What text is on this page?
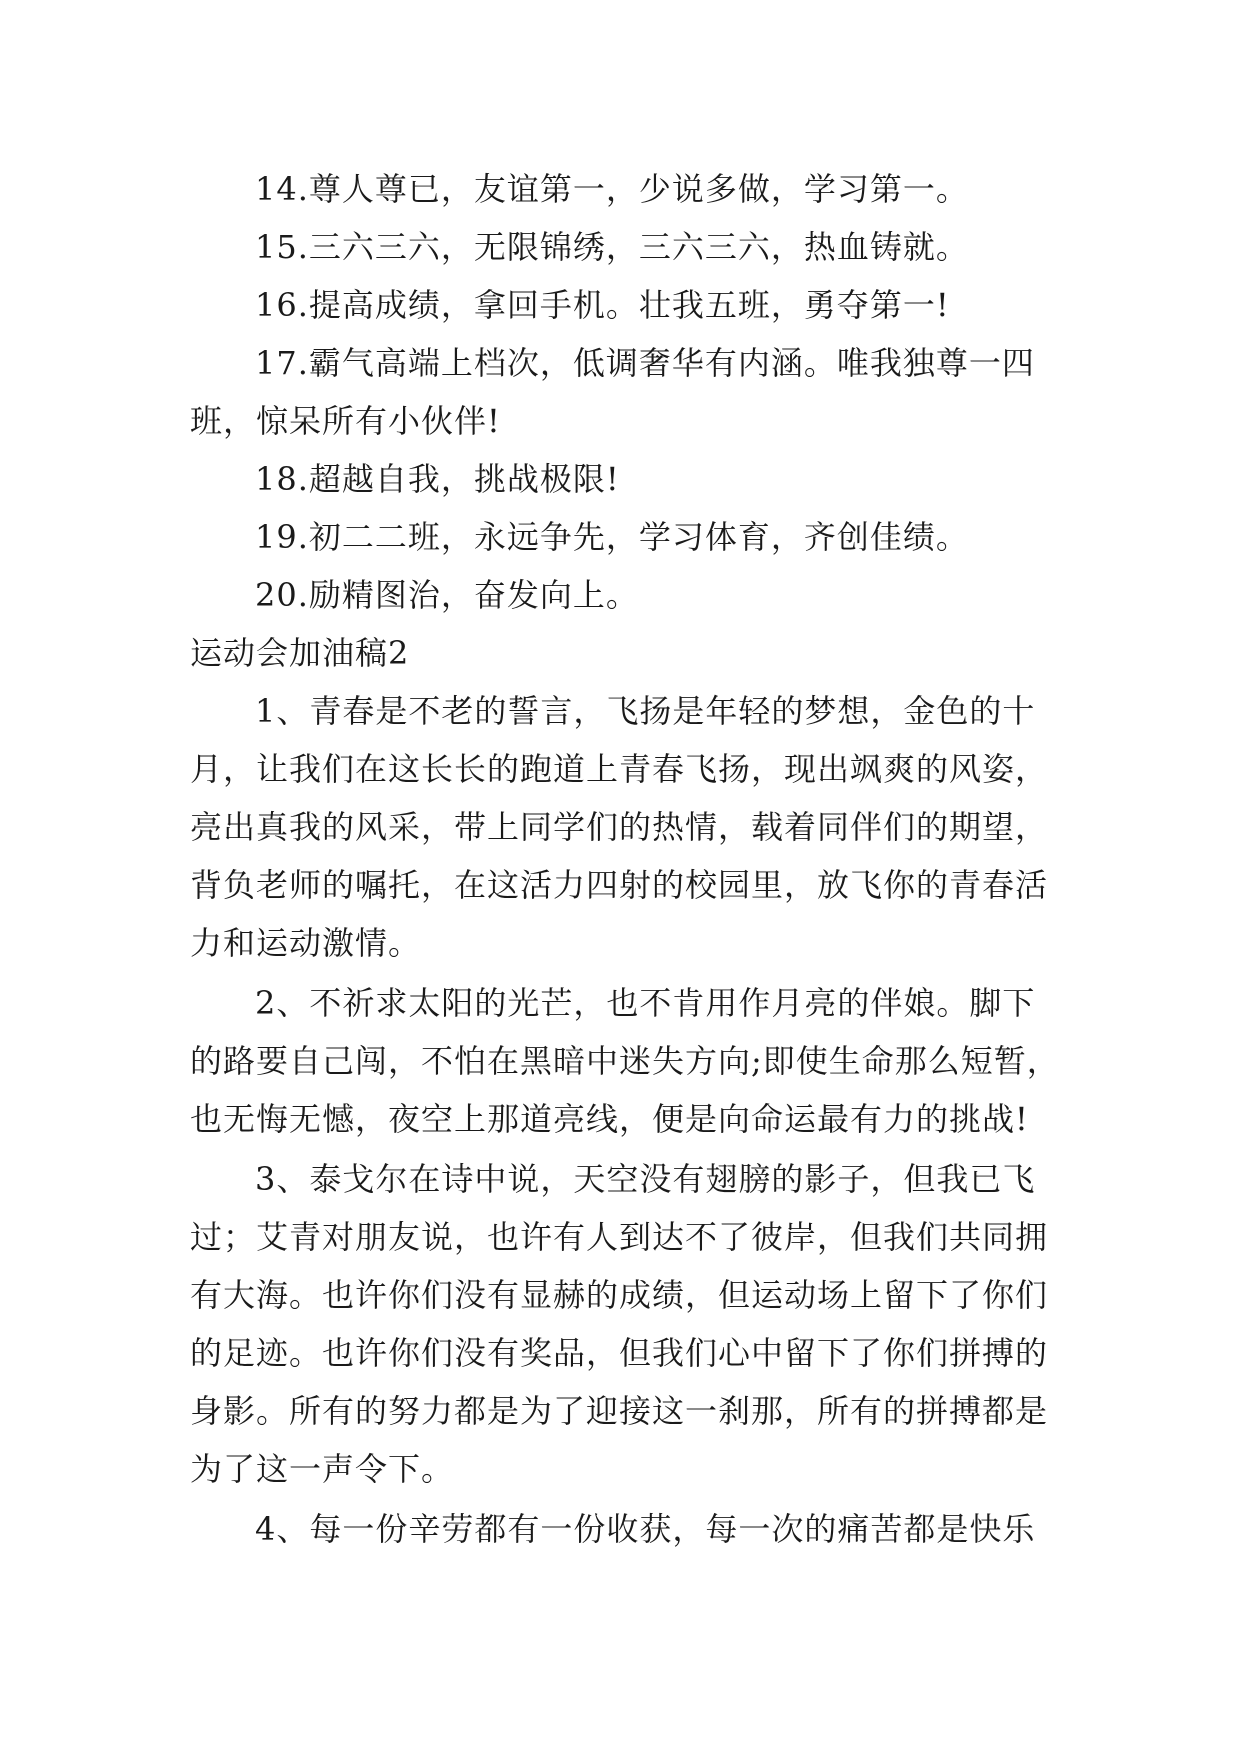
14.尊人尊已，友谊第一，少说多做，学习第一。
15.三六三六，无限锦绣，三六三六，热血铸就。
16.提高成绩，拿回手机。壮我五班，勇夺第一!
17.霸气高端上档次，低调奢华有内涵。唯我独尊一四
班，惊呆所有小伙伴!
18.超越自我，挑战极限!
19.初二二班，永远争先，学习体育，齐创佳绩。
20.励精图治，奋发向上。
运动会加油稿2
1、青春是不老的誓言，飞扬是年轻的梦想，金色的十
月，让我们在这长长的跑道上青春飞扬，现出飒爽的风姿，
亮出真我的风采，带上同学们的热情，载着同伴们的期望，
背负老师的嘱托，在这活力四射的校园里，放飞你的青春活
力和运动激情。
2、不祈求太阳的光芒，也不肯用作月亮的伴娘。脚下
的路要自己闯，不怕在黑暗中迷失方向;即使生命那么短暂，
也无悔无憾，夜空上那道亮线，便是向命运最有力的挑战!
3、泰戈尔在诗中说，天空没有翅膀的影子，但我已飞
过；艾青对朋友说，也许有人到达不了彼岸，但我们共同拥
有大海。也许你们没有显赫的成绩，但运动场上留下了你们
的足迹。也许你们没有奖品，但我们心中留下了你们拼搏的
身影。所有的努力都是为了迎接这一刹那，所有的拼搏都是
为了这一声令下。
4、每一份辛劳都有一份收获，每一次的痛苦都是快乐
